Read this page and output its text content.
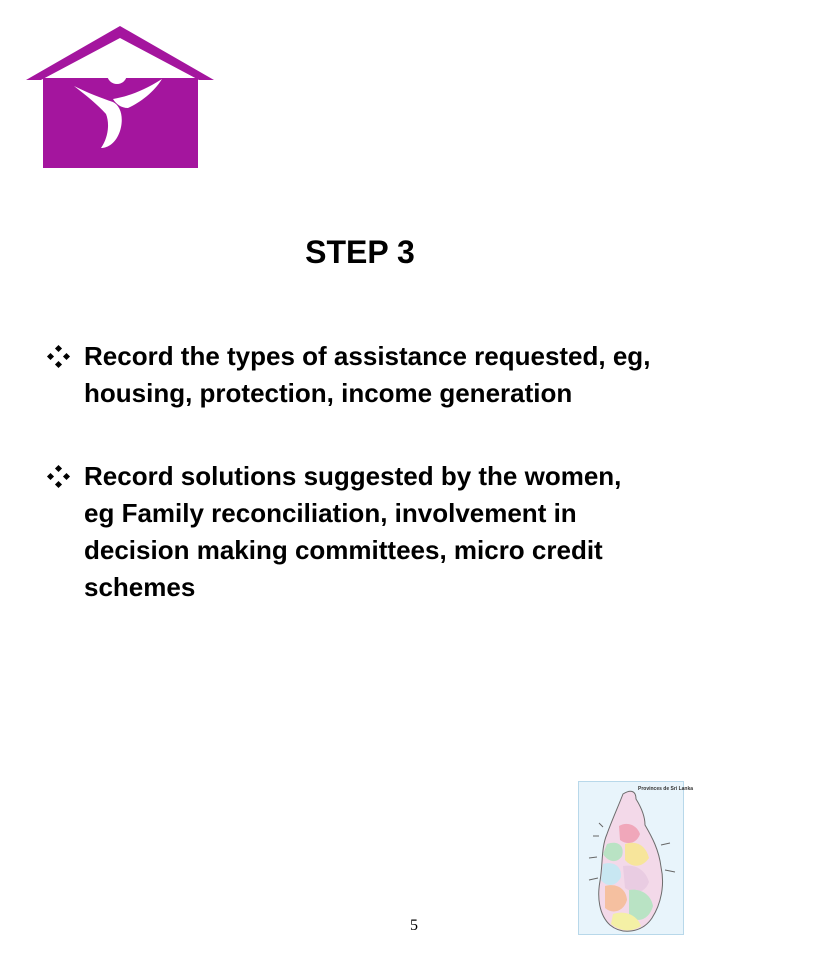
STEP 3
Record the types of assistance requested, eg, housing, protection, income generation
Record solutions suggested by the women, eg Family reconciliation, involvement in decision making committees, micro credit schemes
Provinces de Sri Lanka
5
